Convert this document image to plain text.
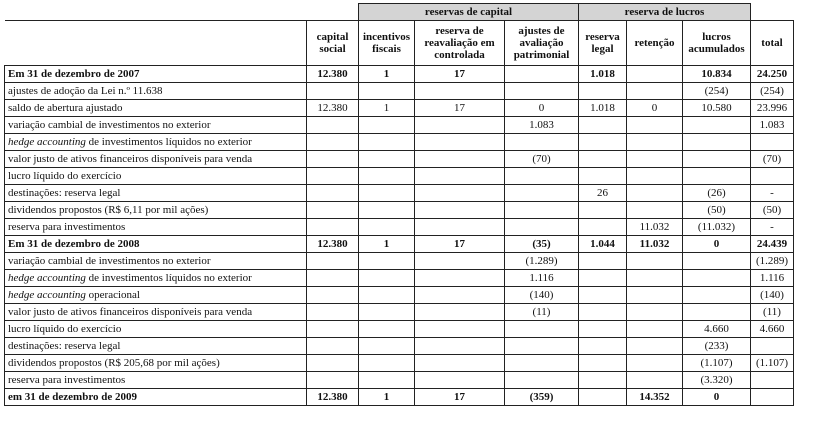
		reservas de capital			reserva de lucros			
	capital social	incentivos fiscais	reserva de reavaliação em controlada	ajustes de avaliação patrimonial	reserva legal	retenção	lucros acumulados	total
Em 31 de dezembro de 2007	12.380	1	17		1.018		10.834	24.250
ajustes de adoção da Lei n.º 11.638							(254)	(254)
saldo de abertura ajustado	12.380	1	17	0	1.018	0	10.580	23.996
variação cambial de investimentos no exterior				1.083				1.083
hedge accounting de investimentos líquidos no exterior								
valor justo de ativos financeiros disponíveis para venda				(70)				(70)
lucro líquido do exercício								
destinações: reserva legal					26		(26)	-
dividendos propostos (R$ 6,11 por mil ações)							(50)	(50)
reserva para investimentos						11.032	(11.032)	-
Em 31 de dezembro de 2008	12.380	1	17	(35)	1.044	11.032	0	24.439
variação cambial de investimentos no exterior				(1.289)				(1.289)
hedge accounting de investimentos líquidos no exterior				1.116				1.116
hedge accounting operacional				(140)				(140)
valor justo de ativos financeiros disponíveis para venda				(11)				(11)
lucro líquido do exercício							4.660	4.660
destinações: reserva legal							(233)	
dividendos propostos (R$ 205,68 por mil ações)							(1.107)	(1.107)
reserva para investimentos							(3.320)	
em 31 de dezembro de 2009	12.380	1	17	(359)		14.352	0	
